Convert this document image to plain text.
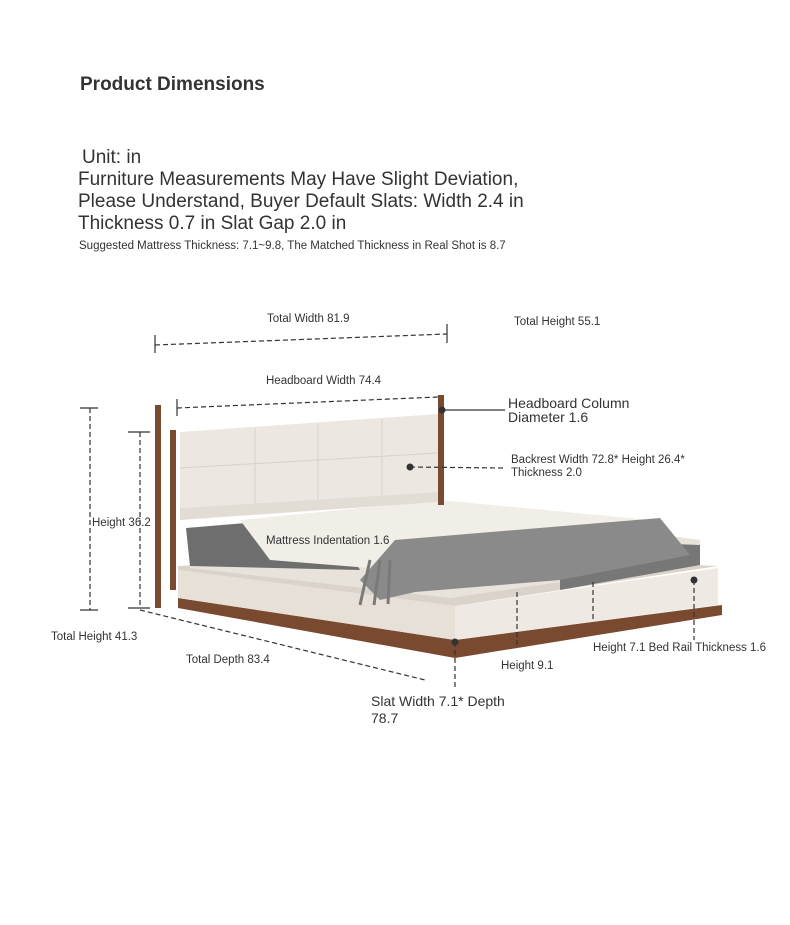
Product Dimensions
Unit: in
Furniture Measurements May Have Slight Deviation,
Please Understand, Buyer Default Slats: Width 2.4 in
Thickness 0.7 in Slat Gap 2.0 in
Suggested Mattress Thickness: 7.1~9.8, The Matched Thickness in Real Shot is 8.7
Total Width 81.9	Total Height 55.1
Headboard Width 74.4
Headboard Column
Diameter 1.6
Backrest Width 72.8* Height 26.4*
Thickness 2.0
Height 36.2
Mattress Indentation 1.6
Total Height 41.3
Total Depth 83.4	Height 9.1
Height 7.1 Bed Rail Thickness 1.6
Slat Width 7.1* Depth
78.7
